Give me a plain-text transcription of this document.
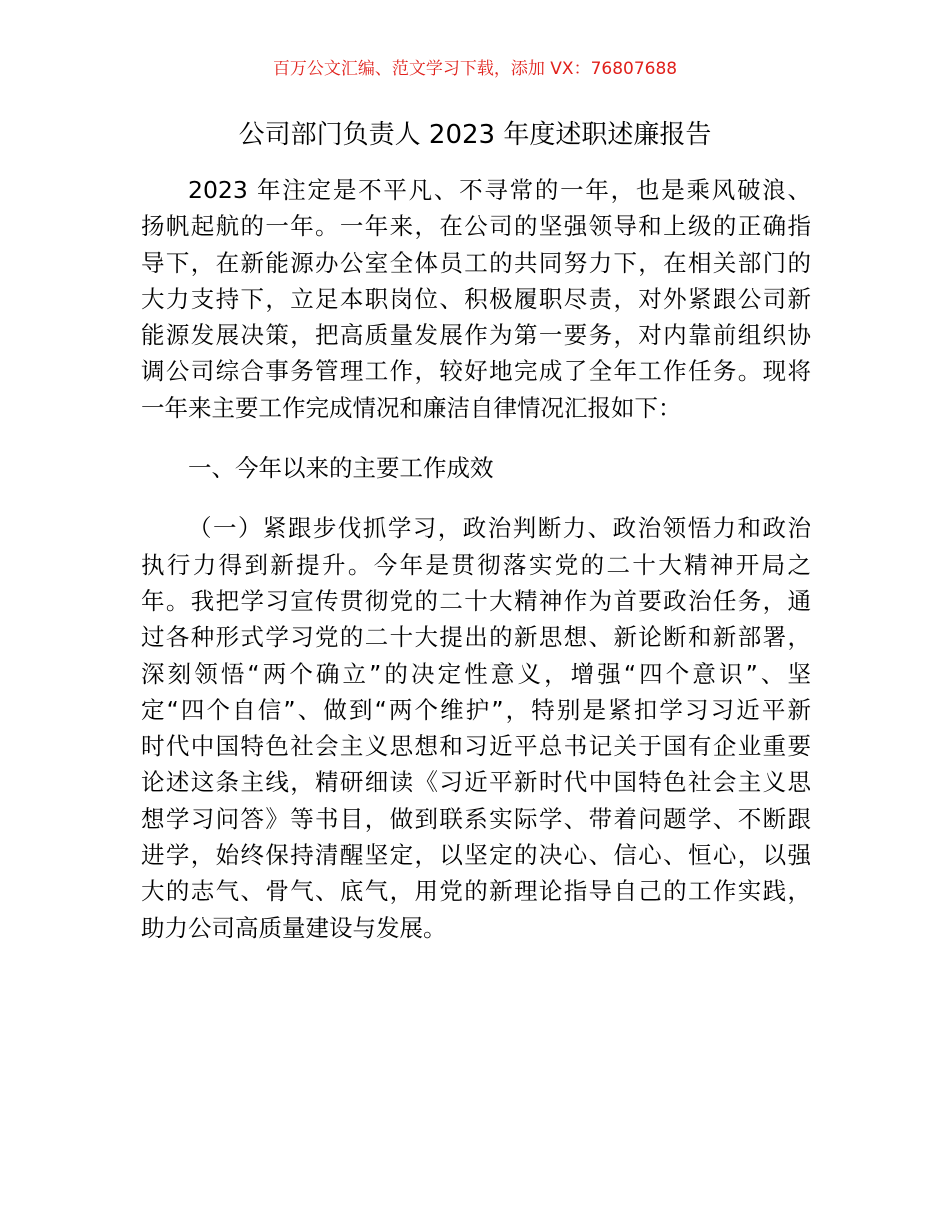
百万公文汇编、范文学习下载，添加 VX：76807688
公司部门负责人 2023 年度述职述廉报告
2023 年注定是不平凡、不寻常的一年，也是乘风破浪、
扬帆起航的一年。一年来，在公司的坚强领导和上级的正确指
导下，在新能源办公室全体员工的共同努力下，在相关部门的
大力支持下，立足本职岗位、积极履职尽责，对外紧跟公司新
能源发展决策，把高质量发展作为第一要务，对内靠前组织协
调公司综合事务管理工作，较好地完成了全年工作任务。现将
一年来主要工作完成情况和廉洁自律情况汇报如下：
一、今年以来的主要工作成效
（一）紧跟步伐抓学习，政治判断力、政治领悟力和政治
执行力得到新提升。今年是贯彻落实党的二十大精神开局之
年。我把学习宣传贯彻党的二十大精神作为首要政治任务，通
过各种形式学习党的二十大提出的新思想、新论断和新部署，
深刻领悟“两个确立”的决定性意义，增强“四个意识”、坚
定“四个自信”、做到“两个维护”，特别是紧扣学习习近平新
时代中国特色社会主义思想和习近平总书记关于国有企业重要
论述这条主线，精研细读《习近平新时代中国特色社会主义思
想学习问答》等书目，做到联系实际学、带着问题学、不断跟
进学，始终保持清醒坚定，以坚定的决心、信心、恒心，以强
大的志气、骨气、底气，用党的新理论指导自己的工作实践，
助力公司高质量建设与发展。
